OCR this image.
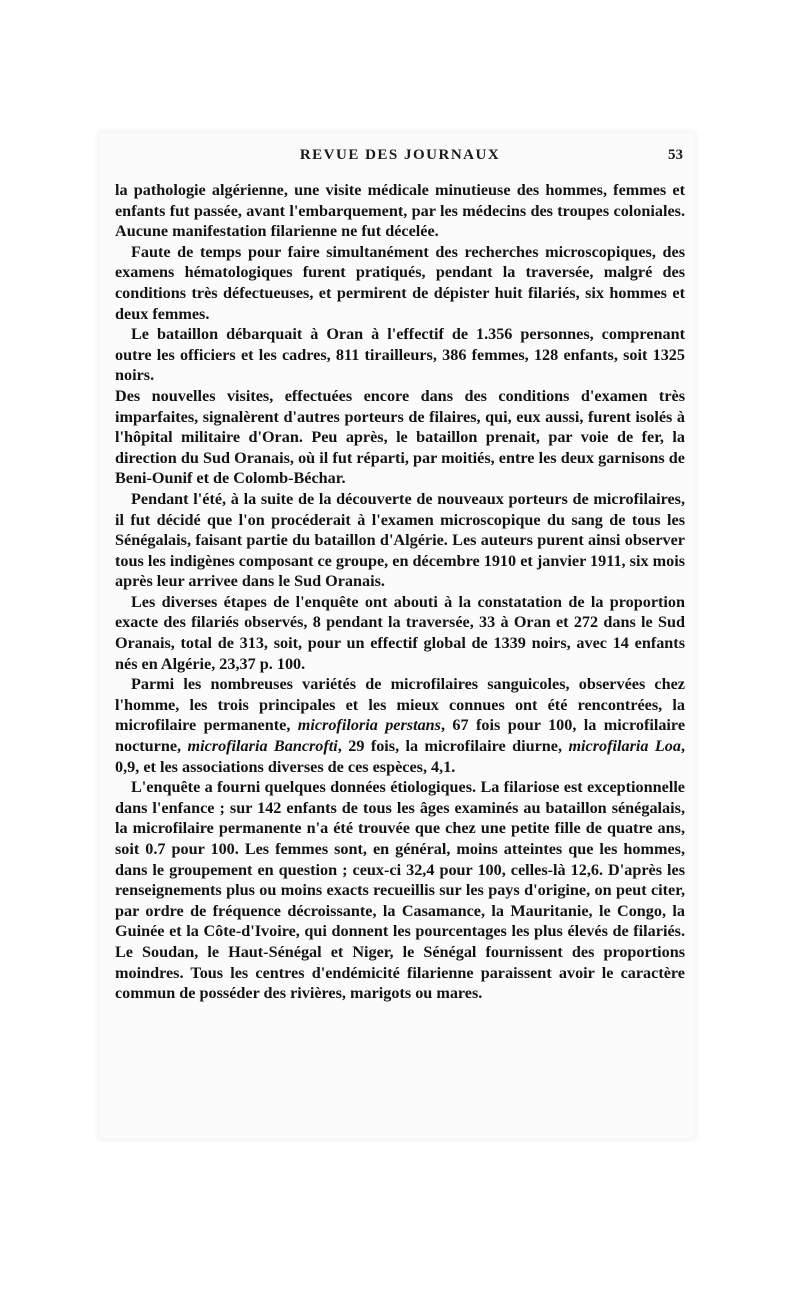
REVUE DES JOURNAUX	53

la pathologie algérienne, une visite médicale minutieuse des hommes, femmes et enfants fut passée, avant l'embarquement, par les médecins des troupes coloniales. Aucune manifestation filarienne ne fut décelée.

Faute de temps pour faire simultanément des recherches microscopiques, des examens hématologiques furent pratiqués, pendant la traversée, malgré des conditions très défectueuses, et permirent de dépister huit filariés, six hommes et deux femmes.

Le bataillon débarquait à Oran à l'effectif de 1.356 personnes, comprenant outre les officiers et les cadres, 811 tirailleurs, 386 femmes, 128 enfants, soit 1325 noirs.

Des nouvelles visites, effectuées encore dans des conditions d'examen très imparfaites, signalèrent d'autres porteurs de filaires, qui, eux aussi, furent isolés à l'hôpital militaire d'Oran. Peu après, le bataillon prenait, par voie de fer, la direction du Sud Oranais, où il fut réparti, par moitiés, entre les deux garnisons de Beni-Ounif et de Colomb-Béchar.

Pendant l'été, à la suite de la découverte de nouveaux porteurs de microfilaires, il fut décidé que l'on procéderait à l'examen microscopique du sang de tous les Sénégalais, faisant partie du bataillon d'Algérie. Les auteurs purent ainsi observer tous les indigènes composant ce groupe, en décembre 1910 et janvier 1911, six mois après leur arrivee dans le Sud Oranais.

Les diverses étapes de l'enquête ont abouti à la constatation de la proportion exacte des filariés observés, 8 pendant la traversée, 33 à Oran et 272 dans le Sud Oranais, total de 313, soit, pour un effectif global de 1339 noirs, avec 14 enfants nés en Algérie, 23,37 p. 100.

Parmi les nombreuses variétés de microfilaires sanguicoles, observées chez l'homme, les trois principales et les mieux connues ont été rencontrées, la microfilaire permanente, microfiloria perstans, 67 fois pour 100, la microfilaire nocturne, microfilaria Bancrofti, 29 fois, la microfilaire diurne, microfilaria Loa, 0,9, et les associations diverses de ces espèces, 4,1.

L'enquête a fourni quelques données étiologiques. La filariose est exceptionnelle dans l'enfance ; sur 142 enfants de tous les âges examinés au bataillon sénégalais, la microfilaire permanente n'a été trouvée que chez une petite fille de quatre ans, soit 0.7 pour 100. Les femmes sont, en général, moins atteintes que les hommes, dans le groupement en question ; ceux-ci 32,4 pour 100, celles-là 12,6. D'après les renseignements plus ou moins exacts recueillis sur les pays d'origine, on peut citer, par ordre de fréquence décroissante, la Casamance, la Mauritanie, le Congo, la Guinée et la Côte-d'Ivoire, qui donnent les pourcentages les plus élevés de filariés. Le Soudan, le Haut-Sénégal et Niger, le Sénégal fournissent des proportions moindres. Tous les centres d'endémicité filarienne paraissent avoir le caractère commun de posséder des rivières, marigots ou mares.
